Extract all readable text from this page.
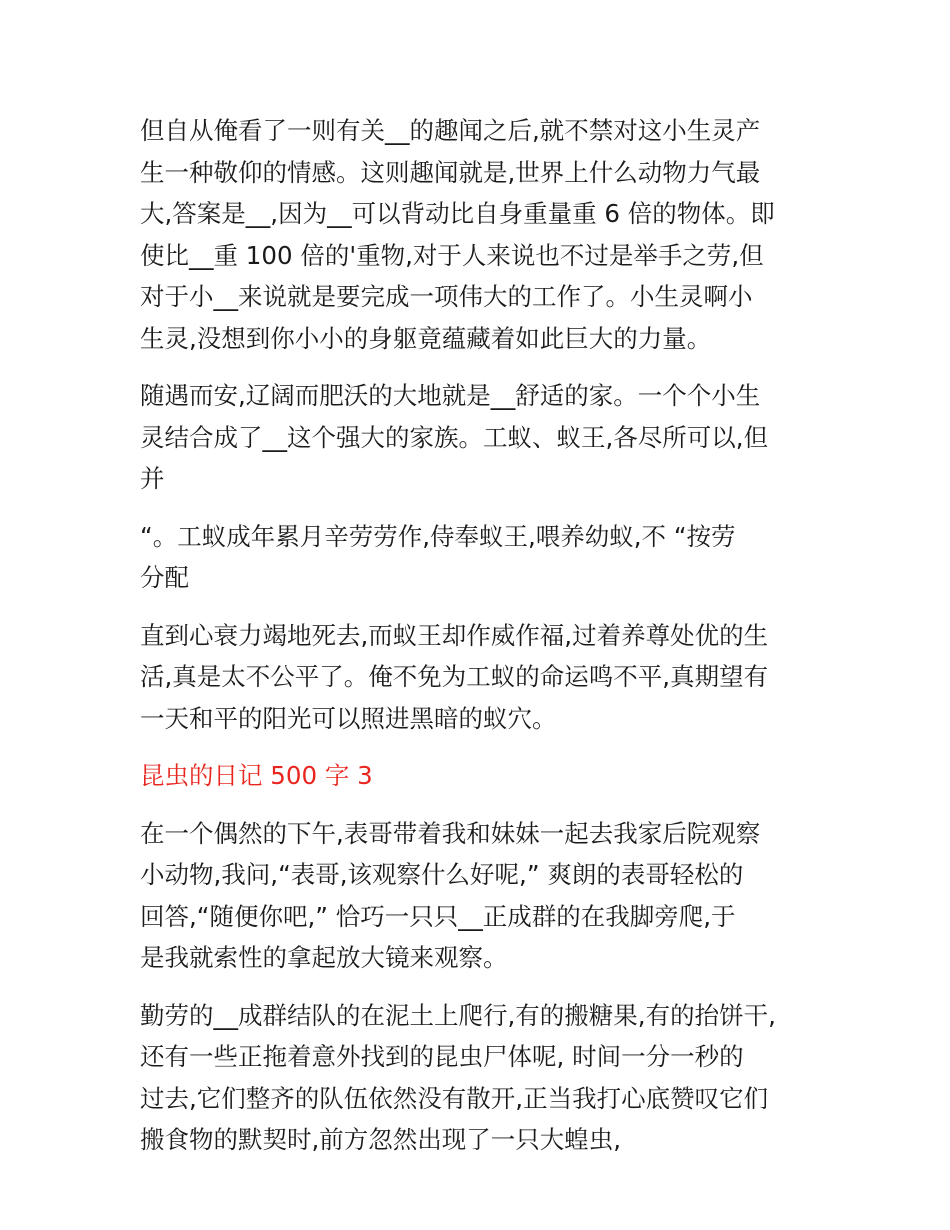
但自从俺看了一则有关__的趣闻之后,就不禁对这小生灵产
生一种敬仰的情感。这则趣闻就是,世界上什么动物力气最
大,答案是__,因为__可以背动比自身重量重 6 倍的物体。即
使比__重 100 倍的'重物,对于人来说也不过是举手之劳,但
对于小__来说就是要完成一项伟大的工作了。小生灵啊小
生灵,没想到你小小的身躯竟蕴藏着如此巨大的力量。
随遇而安,辽阔而肥沃的大地就是__舒适的家。一个个小生
灵结合成了__这个强大的家族。工蚁、蚁王,各尽所可以,但
并
“。工蚁成年累月辛劳劳作,侍奉蚁王,喂养幼蚁,不 “按劳
分配
直到心衰力竭地死去,而蚁王却作威作福,过着养尊处优的生
活,真是太不公平了。俺不免为工蚁的命运鸣不平,真期望有
一天和平的阳光可以照进黑暗的蚁穴。
昆虫的日记 500 字 3
在一个偶然的下午,表哥带着我和妹妹一起去我家后院观察
小动物,我问,“表哥,该观察什么好呢,” 爽朗的表哥轻松的
回答,“随便你吧,” 恰巧一只只__正成群的在我脚旁爬,于
是我就索性的拿起放大镜来观察。
勤劳的__成群结队的在泥土上爬行,有的搬糖果,有的抬饼干,
还有一些正拖着意外找到的昆虫尸体呢, 时间一分一秒的
过去,它们整齐的队伍依然没有散开,正当我打心底赞叹它们
搬食物的默契时,前方忽然出现了一只大蝗虫,
